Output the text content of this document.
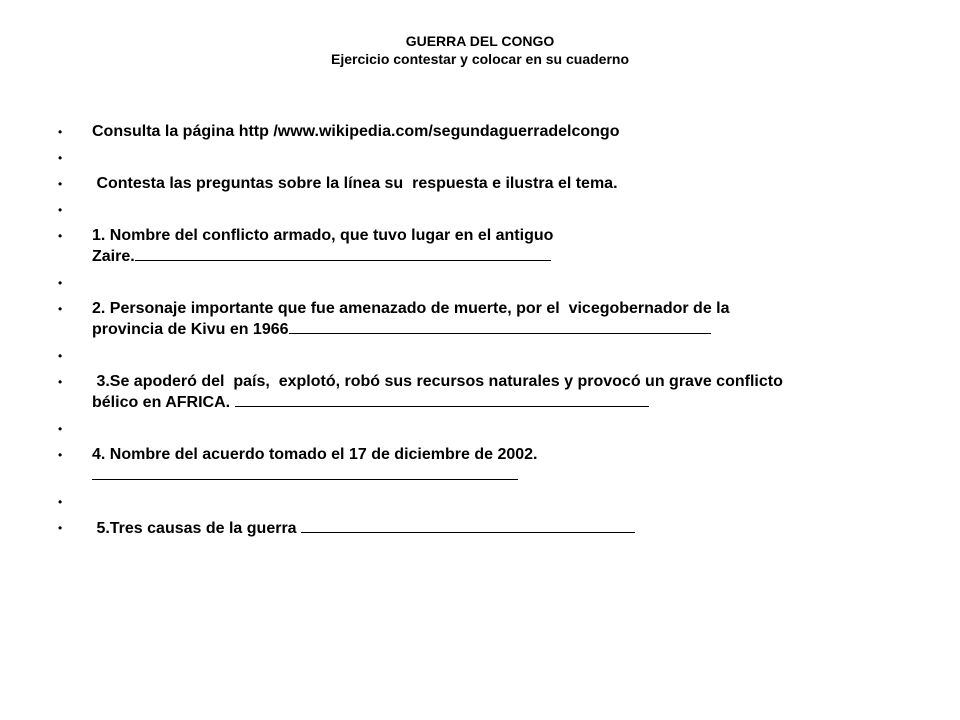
GUERRA DEL CONGO
Ejercicio contestar y colocar en su cuaderno
•	Consulta la página http /www.wikipedia.com/segundaguerradelcongo
•
•	Contesta las preguntas sobre la línea su  respuesta e ilustra el tema.
•
•	1. Nombre del conflicto armado, que tuvo lugar en el antiguo
Zaire.
•
•	2. Personaje importante que fue amenazado de muerte, por el  vicegobernador de la
provincia de Kivu en 1966
•
•	3.Se apoderó del  país,  explotó, robó sus recursos naturales y provocó un grave conflicto
bélico en AFRICA.
•
•	4. Nombre del acuerdo tomado el 17 de diciembre de 2002.
•
•	5.Tres causas de la guerra
